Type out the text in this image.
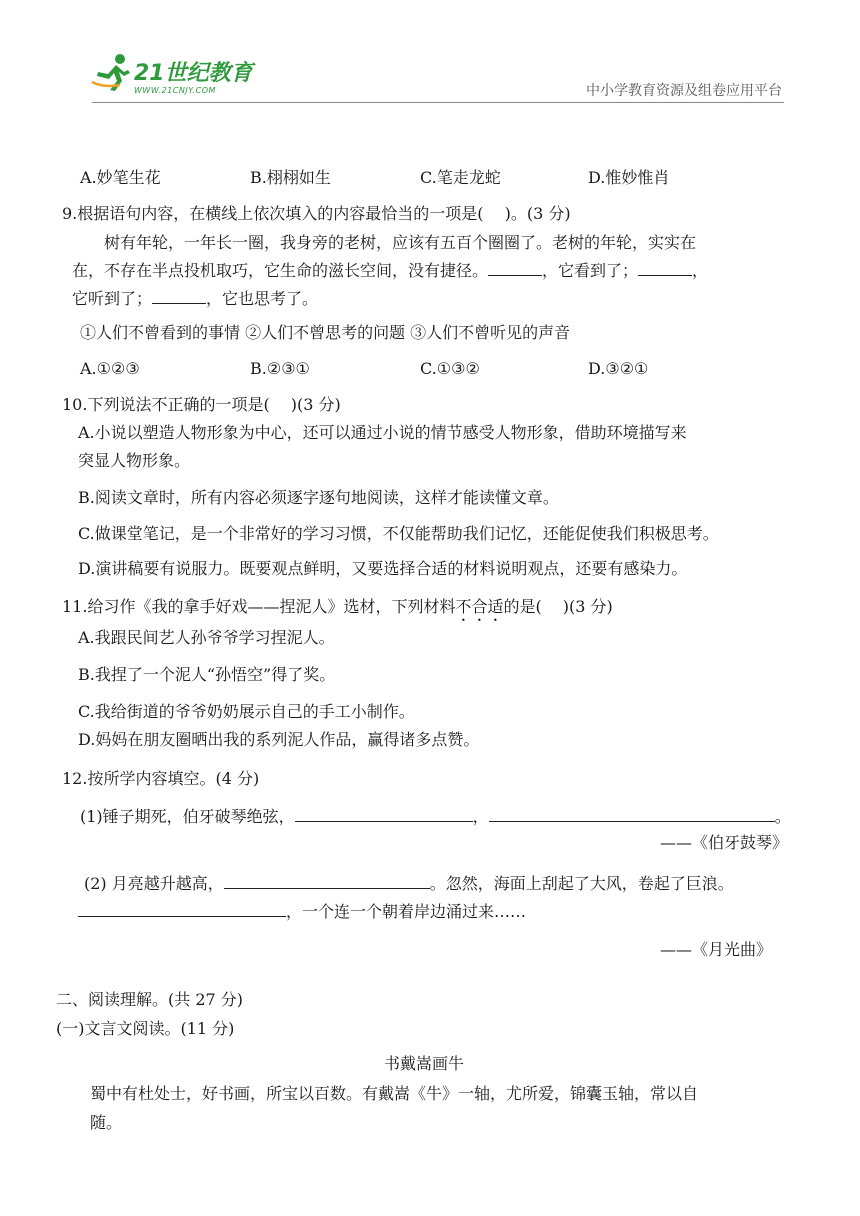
21世纪教育
WWW.21CNJY.COM	中小学教育资源及组卷应用平台
A.妙笔生花	B.栩栩如生	C.笔走龙蛇	D.惟妙惟肖
9.根据语句内容，在横线上依次填入的内容最恰当的一项是(　 )。(3 分)
树有年轮，一年长一圈，我身旁的老树，应该有五百个圈圈了。老树的年轮，实实在
在，不存在半点投机取巧，它生命的滋长空间，没有捷径。	，它看到了；	，
它听到了；	，它也思考了。
①人们不曾看到的事情 ②人们不曾思考的问题 ③人们不曾听见的声音
A.①②③	B.②③①	C.①③②	D.③②①
10.下列说法不正确的一项是(　 )(3 分)
A.小说以塑造人物形象为中心，还可以通过小说的情节感受人物形象，借助环境描写来
突显人物形象。
B.阅读文章时，所有内容必须逐字逐句地阅读，这样才能读懂文章。
C.做课堂笔记，是一个非常好的学习习惯，不仅能帮助我们记忆，还能促使我们积极思考。
D.演讲稿要有说服力。既要观点鲜明，又要选择合适的材料说明观点，还要有感染力。
11.给习作《我的拿手好戏——捏泥人》选材，下列材料不合适的是(　 )(3 分)
A.我跟民间艺人孙爷爷学习捏泥人。
B.我捏了一个泥人“孙悟空”得了奖。
C.我给街道的爷爷奶奶展示自己的手工小制作。
D.妈妈在朋友圈晒出我的系列泥人作品，赢得诸多点赞。
12.按所学内容填空。(4 分)
(1)锤子期死，伯牙破琴绝弦，	，	。
——《伯牙鼓琴》
(2) 月亮越升越高，	。忽然，海面上刮起了大风，卷起了巨浪。
，一个连一个朝着岸边涌过来……
——《月光曲》
二、阅读理解。(共 27 分)
(一)文言文阅读。(11 分)
书戴嵩画牛
蜀中有杜处士，好书画，所宝以百数。有戴嵩《牛》一轴，尤所爱，锦囊玉轴，常以自
随。
